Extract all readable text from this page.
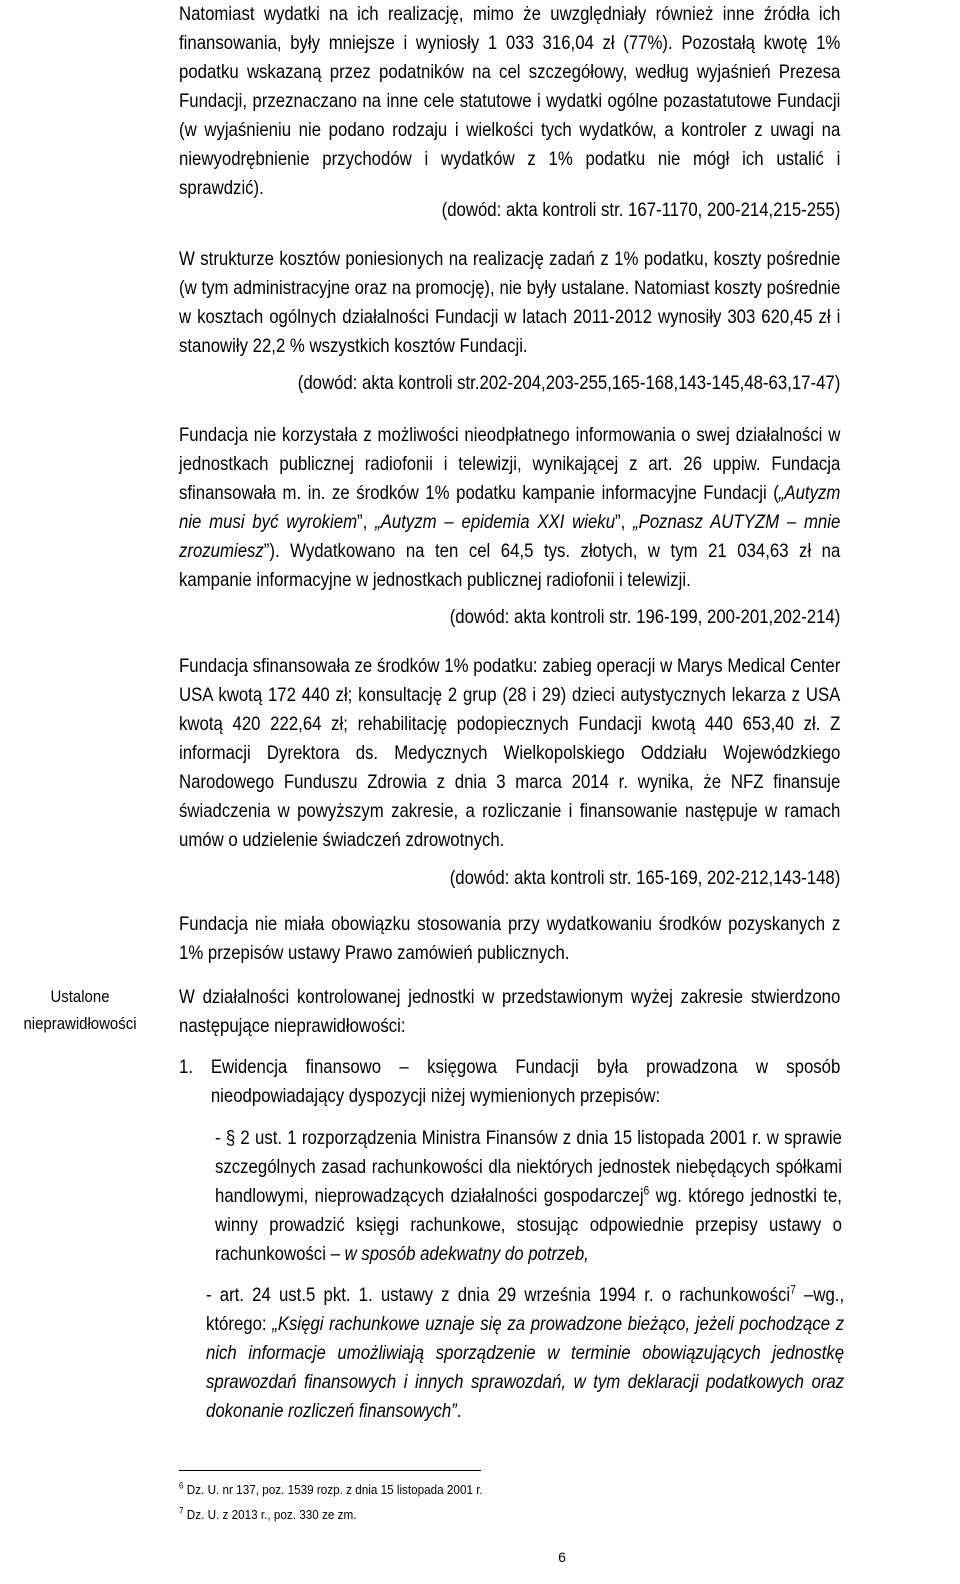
Natomiast wydatki na ich realizację, mimo że uwzględniały również inne źródła ich finansowania, były mniejsze i wyniosły 1 033 316,04 zł (77%). Pozostałą kwotę 1% podatku wskazaną przez podatników na cel szczegółowy, według wyjaśnień Prezesa Fundacji, przeznaczano na inne cele statutowe i wydatki ogólne pozastatutowe Fundacji (w wyjaśnieniu nie podano rodzaju i wielkości tych wydatków, a kontroler z uwagi na niewyodrębnienie przychodów i wydatków z 1% podatku nie mógł ich ustalić i sprawdzić).

(dowód: akta kontroli str. 167-1170, 200-214,215-255)

W strukturze kosztów poniesionych na realizację zadań z 1% podatku, koszty pośrednie (w tym administracyjne oraz na promocję), nie były ustalane. Natomiast koszty pośrednie w kosztach ogólnych działalności Fundacji w latach 2011-2012 wynosiły 303 620,45 zł i stanowiły 22,2 % wszystkich kosztów Fundacji.

(dowód: akta kontroli str.202-204,203-255,165-168,143-145,48-63,17-47)

Fundacja nie korzystała z możliwości nieodpłatnego informowania o swej działalności w jednostkach publicznej radiofonii i telewizji, wynikającej z art. 26 uppiw. Fundacja sfinansowała m. in. ze środków 1% podatku kampanie informacyjne Fundacji („Autyzm nie musi być wyrokiem”, „Autyzm – epidemia XXI wieku”, „Poznasz AUTYZM – mnie zrozumiesz”). Wydatkowano na ten cel 64,5 tys. złotych, w tym 21 034,63 zł na kampanie informacyjne w jednostkach publicznej radiofonii i telewizji.

(dowód: akta kontroli str. 196-199, 200-201,202-214)

Fundacja sfinansowała ze środków 1% podatku: zabieg operacji w Marys Medical Center USA kwotą 172 440 zł; konsultację 2 grup (28 i 29) dzieci autystycznych lekarza z USA kwotą 420 222,64 zł; rehabilitację podopiecznych Fundacji kwotą 440 653,40 zł. Z informacji Dyrektora ds. Medycznych Wielkopolskiego Oddziału Wojewódzkiego Narodowego Funduszu Zdrowia z dnia 3 marca 2014 r. wynika, że NFZ finansuje świadczenia w powyższym zakresie, a rozliczanie i finansowanie następuje w ramach umów o udzielenie świadczeń zdrowotnych.

(dowód: akta kontroli str. 165-169, 202-212,143-148)

Fundacja nie miała obowiązku stosowania przy wydatkowaniu środków pozyskanych z 1% przepisów ustawy Prawo zamówień publicznych.

Ustalone nieprawidłowości

W działalności kontrolowanej jednostki w przedstawionym wyżej zakresie stwierdzono następujące nieprawidłowości:

1. Ewidencja finansowo – księgowa Fundacji była prowadzona w sposób nieodpowiadający dyspozycji niżej wymienionych przepisów:
- § 2 ust. 1 rozporządzenia Ministra Finansów z dnia 15 listopada 2001 r. w sprawie szczególnych zasad rachunkowości dla niektórych jednostek niebędących spółkami handlowymi, nieprowadzących działalności gospodarczej$^6$ wg. którego jednostki te, winny prowadzić księgi rachunkowe, stosując odpowiednie przepisy ustawy o rachunkowości – w sposób adekwatny do potrzeb,
- art. 24 ust.5 pkt. 1. ustawy z dnia 29 września 1994 r. o rachunkowości$^7$ –wg., którego: „Księgi rachunkowe uznaje się za prowadzone bieżąco, jeżeli pochodzące z nich informacje umożliwiają sporządzenie w terminie obowiązujących jednostkę sprawozdań finansowych i innych sprawozdań, w tym deklaracji podatkowych oraz dokonanie rozliczeń finansowych”.
$^6$ Dz. U. nr 137, poz. 1539 rozp. z dnia 15 listopada 2001 r.
$^7$ Dz. U. z 2013 r., poz. 330 ze zm.
6
